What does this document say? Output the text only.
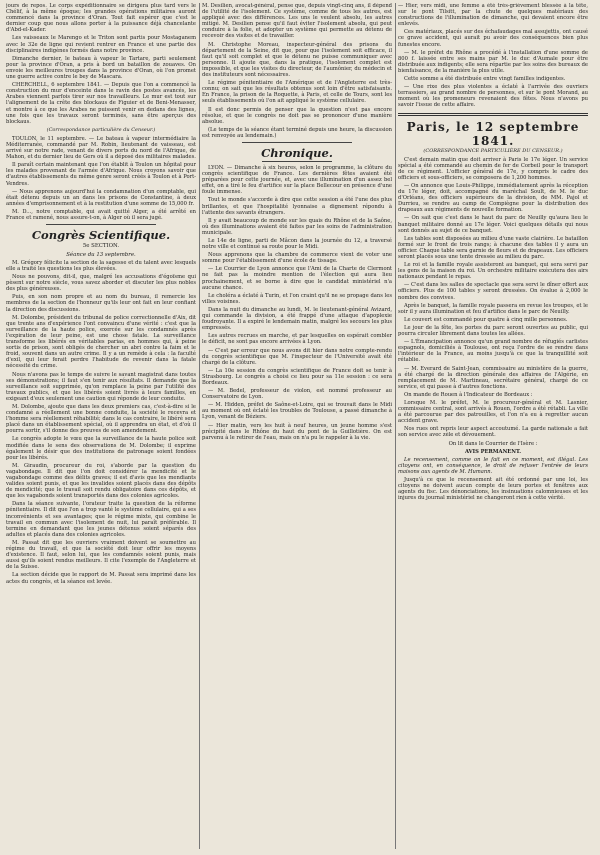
jours de repos. Le corps expéditionnaire se dirigera plus tard vers le Chélif, à la même époque; les grandes opérations militaires auront commencé dans la province d'Oran. Tout fait espérer que c'est le dernier coup que nous allons porter à la puissance déjà chancelante d'Abd-el-Kader.

Les vaisseaux le Marengo et le Triton sont partis pour Mostaganem avec le 32e de ligne qui revient rentrer en France et une partie des disciplinaires indigènes formés dans notre province.

Dimanche dernier, le bateau à vapeur le Tartare, parti seulement pour la province d'Oran, a pris à bord un bataillon de zouaves. On envoie les meilleures troupes dans la province d'Oran, où l'on promet une guerre active contre le bey de Mascara.

CHERCHELL, 6 septembre 1841. — Depuis que l'on a commencé la construction du mur d'enceinte dans le ravin des postes avancés, les Arabes viennent parfois tirer sur nos travailleurs. Le mur est tout sur l'alignement de la crête des blockaus de Figuier et de Beni-Menasser, et montre à ce que les Arabes ne puissent venir en dedans des lignes, une fois que les travaux seront terminés, sans être aperçus des blockaus.

(Correspondance particulière du Censeur.)

TOULON, le 11 septembre. — Le bateau à vapeur intermédiaire la Méditerranée, commandé par M. Robin, lieutenant de vaisseau, est arrivé sur notre rade, venant de divers ports du nord de l'Afrique, de Mahon, et du dernier lieu de Gers où il a déposé des militaires malades.

Il paraît certain maintenant que l'on établit à Toulon un hôpital pour les malades provenant de l'armée d'Afrique. Nous croyons savoir que d'autres établissements du même genre seront créés à Toulon et à Port-Vendres.

— Nous apprenons aujourd'hui la condamnation d'un comptable, qui était détenu depuis un an dans les prisons de Constantine, à deux années d'emprisonnement et à la restitution d'une somme de 15,000 fr.

M. D..., notre comptable, qui avait quitté Alger, a été arrêté en France et ramené, nous assure-t-on, à Alger où il sera jugé.

Congrès Scientifique.

5e SECTION.

Séance du 13 septembre.

M. Grégory félicite la section de la sagesse et du talent avec lesquels elle a traité les questions les plus élevées.

Nous ne pouvons, dit-il, que, malgré les accusations d'égoïsme qui pèsent sur notre siècle, vous savez aborder et discuter les plus nobles des plus généreuses.

Puis, en son nom propre et au nom du bureau, il remercie les membres de la section de l'honneur qu'ils leur ont fait en leur confiant la direction des discussions.

M. Dolombe, président du tribunal de police correctionnelle d'Aix, dit que trente ans d'expérience l'ont convaincu d'une vérité : c'est que la surveillance de la haute police, exercée sur les condamnés après l'expiration de leur peine, est une chose fatale. La surveillance transforme les libérés en véritables parias, en hommes qui, à peine sortis de prison, sont obligés de chercher un abri contre la faim et le froid, souvent dans un autre crime. Il y a un remède à cela : la faculté d'exil, qui leur ferait perdre l'habitude de revenir dans la fatale nécessité du crime.

Nous n'avons pas le temps de suivre le savant magistrat dans toutes ses démonstrations; il faut s'en tenir aux résultats. Il demande que la surveillance soit supprimée, qu'on remplace la peine par l'utilité des travaux publics, et que les libérés soient livrés à leurs familles, en exigeant d'eux seulement une caution qui réponde de leur conduite.

M. Dolombe, ajoute que dans les deux premiers cas, c'est-à-dire si le condamné a réellement une bonne conduite, la société le recevra et l'homme sera réellement réhabilité; dans le cas contraire, le libéré sera placé dans un établissement spécial, où il apprendra un état, et d'où il pourra sortir, s'il donne des preuves de son amendement.

Le congrès adopte le vœu que la surveillance de la haute police soit modifiée dans le sens des observations de M. Dolombe; il exprime également le désir que des institutions de patronage soient fondées pour les libérés.

M. Giraudin, procureur du roi, s'aborde par la question du vagabondage. Il dit que l'on doit considérer la mendicité et le vagabondage comme des délits graves; il est d'avis que les mendiants valides soient punis, et que les invalides soient placés dans des dépôts de mendicité; que le travail soit rendu obligatoire dans ces dépôts, et que les vagabonds soient transportés dans des colonies agricoles.

Dans la séance suivante, l'orateur traite la question de la réforme pénitentiaire. Il dit que l'on a trop vanté le système cellulaire, qui a ses inconvénients et ses avantages; que le régime mixte, qui combine le travail en commun avec l'isolement de nuit, lui paraît préférable. Il termine en demandant que les jeunes détenus soient séparés des adultes et placés dans des colonies agricoles.

M. Passat dit que les ouvriers vraiment doivent se soumettre au régime du travail, et que la société doit leur offrir les moyens d'existence. Il faut, selon lui, que les condamnés soient punis, mais aussi qu'ils soient rendus meilleurs. Il cite l'exemple de l'Angleterre et de la Suisse.

La section décide que le rapport de M. Passat sera imprimé dans les actes du congrès, et la séance est levée.

M. Desilien, avocat-général, pense que, depuis vingt-cinq ans, il dépend de l'utilité de l'isolement. Ce système, comme de tous les autres, est appliqué avec des différences. Les uns le veulent absolu, les autres mitigé. M. Desilien pense qu'il faut éviter l'isolement absolu, qui peut conduire à la folie, et adopter un système qui permette au détenu de recevoir des visites et de travailler.

M. Christophe Moreau, inspecteur-général des prisons du département de la Seine, dit que, pour que l'isolement soit efficace, il faut qu'il soit complet et que le détenu ne puisse communiquer avec personne. Il ajoute que, dans la pratique, l'isolement complet est impossible, et que les visites du directeur, de l'aumônier, du médecin et des instituteurs sont nécessaires.

Le régime pénitentiaire de l'Amérique et de l'Angleterre est très-connu; on sait que les résultats obtenus sont loin d'être satisfaisants. En France, la prison de la Roquette, à Paris, et celle de Tours, sont les seuls établissements où l'on ait appliqué le système cellulaire.

Il est donc permis de penser que la question n'est pas encore résolue, et que le congrès ne doit pas se prononcer d'une manière absolue.

(Le temps de la séance étant terminé depuis une heure, la discussion est renvoyée au lendemain.)

Chronique.

LYON. — Dimanche à six heures, selon le programme, la clôture du congrès scientifique de France. Les dernières fêtes avaient été préparées pour cette journée, et, avec une illumination d'un assez bel effet, on a tiré le feu d'artifice sur la place Bellecour en présence d'une foule immense.

Tout le monde s'accorde à dire que cette session a été l'une des plus brillantes, et que l'hospitalité lyonnaise a dignement répondu à l'attente des savants étrangers.

Il y avait beaucoup de monde sur les quais du Rhône et de la Saône, où des illuminations avaient été faites par les soins de l'administration municipale.

Le 14e de ligne, parti de Mâcon dans la journée du 12, a traversé notre ville et continué sa route pour le Midi.

Nous apprenons que la chambre de commerce vient de voter une somme pour l'établissement d'une école de tissage.

— Le Courrier de Lyon annonce que l'Ami de la Charte de Clermont ne fait pas la moindre mention de l'élection qui aura lieu prochainement, et se borne à dire que le candidat ministériel n'a aucune chance.

Le choléra a éclaté à Turin, et l'on craint qu'il ne se propage dans les villes voisines.

Dans la nuit du dimanche au lundi, M. le lieutenant-général Avizard, qui commande la division, a été frappé d'une attaque d'apoplexie foudroyante. Il a expiré le lendemain matin, malgré les secours les plus empressés.

Les autres recrues en marche, et par lesquelles on espérait combler le déficit, ne sont pas encore arrivées à Lyon.

— C'est par erreur que nous avons dit hier dans notre compte-rendu du congrès scientifique que M. l'inspecteur de l'Université avait été chargé de la clôture.

— La 10e session du congrès scientifique de France doit se tenir à Strasbourg. Le congrès a choisi ce lieu pour sa 11e session : ce sera Bordeaux.

— M. Bedel, professeur de violon, est nommé professeur au Conservatoire de Lyon.

— M. Hidden, préfet de Saône-et-Loire, qui se trouvait dans le Midi au moment où ont éclaté les troubles de Toulouse, a passé dimanche à Lyon, venant de Béziers.

— Hier matin, vers les huit à neuf heures, un jeune homme s'est précipité dans le Rhône du haut du pont de la Guillotière. On est parvenu à le retirer de l'eau, mais on n'a pu le rappeler à la vie.

— Hier, vers midi, une femme a été très-grièvement blessée à la tête, sur le pont Tilsitt, par la chute de quelques matériaux des constructions de l'illumination de dimanche, qui devaient encore être enlevés.

Ces matériaux, placés sur des échafaudages mal assujettis, ont causé ce grave accident, qui aurait pu avoir des conséquences bien plus funestes encore.

— M. le préfet du Rhône a procédé à l'installation d'une somme de 800 f. laissée entre ses mains par M. le duc d'Aumale pour être distribuée aux indigents; elle sera répartie par les soins des bureaux de bienfaisance, de la manière la plus utile.

Cette somme a été distribuée entre vingt familles indigentes.

— Une rixe des plus violentes a éclaté à l'arrivée des ouvriers terrassiers, au grand nombre de personnes, et sur le pont Morand, au moment où les promeneurs revenaient des fêtes. Nous n'avons pu savoir l'issue de cette affaire.

Paris, le 12 septembre 1841.

(CORRESPONDANCE PARTICULIÈRE DU CENSEUR.)

C'est demain matin que doit arriver à Paris le 17e léger. Un service spécial a été commandé au chemin de fer de Corbeil pour le transport de ce régiment. L'officier général de 17e, y compris le cadre des officiers et sous-officiers, se composera de 1,200 hommes.

— On annonce que Louis-Philippe, immédiatement après la réception du 17e léger, doit, accompagné du maréchal Soult, de M. le duc d'Orléans, des officiers supérieurs de la division, de MM. Pajol et Durrieu, se rendre au camp de Compiègne pour la distribution des drapeaux aux régiments de nouvelle formation.

— On sait que c'est dans le haut du parc de Neuilly qu'aura lieu le banquet militaire donné au 17e léger. Voici quelques détails qui nous sont donnés au sujet de ce banquet.

Les tables sont disposées au milieu d'une vaste clairière. Le bataillon formé sur le front de trois rangs; à chacune des tables il y aura un officier. Chaque table sera garnie de fleurs et de drapeaux. Les officiers seront placés sous une tente dressée au milieu du parc.

Le roi et la famille royale assisteront au banquet, qui sera servi par les gens de la maison du roi. Un orchestre militaire exécutera des airs nationaux pendant le repas.

— C'est dans les salles de spectacle que sera servi le dîner offert aux officiers. Plus de 100 tables y seront dressées. On évalue à 2,000 le nombre des convives.

Après le banquet, la famille royale passera en revue les troupes, et le soir il y aura illumination et feu d'artifice dans le parc de Neuilly.

Le couvert est commandé pour quatre à cinq mille personnes.

Le jour de la fête, les portes du parc seront ouvertes au public, qui pourra circuler librement dans toutes les allées.

— L'Émancipation annonce qu'un grand nombre de réfugiés carlistes espagnols, domiciliés à Toulouse, ont reçu l'ordre de se rendre dans l'intérieur de la France, au moins jusqu'à ce que la tranquillité soit rétablie.

— M. Everard de Saint-Jean, commissaire au ministère de la guerre, a été chargé de la direction générale des affaires de l'Algérie, en remplacement de M. Martineau, secrétaire général, chargé de ce service, et qui passe à d'autres fonctions.

On mande de Rouen à l'Indicateur de Bordeaux :

Lorsque M. le préfet, M. le procureur-général et M. Lasnier, commissaire central, sont arrivés à Rouen, l'ordre a été rétabli. La ville a été parcourue par des patrouilles, et l'on n'a eu à regretter aucun accident grave.

Nos rues ont repris leur aspect accoutumé. La garde nationale a fait son service avec zèle et dévouement.

On lit dans le Courrier de l'Isère :

AVIS PERMANENT.

Le recensement, comme on le fait en ce moment, est illégal. Les citoyens ont, en conséquence, le droit de refuser l'entrée de leurs maisons aux agents de M. Humann.

Jusqu'à ce que le recensement ait été ordonné par une loi, les citoyens ne doivent aucun compte de leurs portes et fenêtres aux agents du fisc. Les dénonciations, les insinuations calomnieuses et les injures du journal ministériel ne changeront rien à cette vérité.
